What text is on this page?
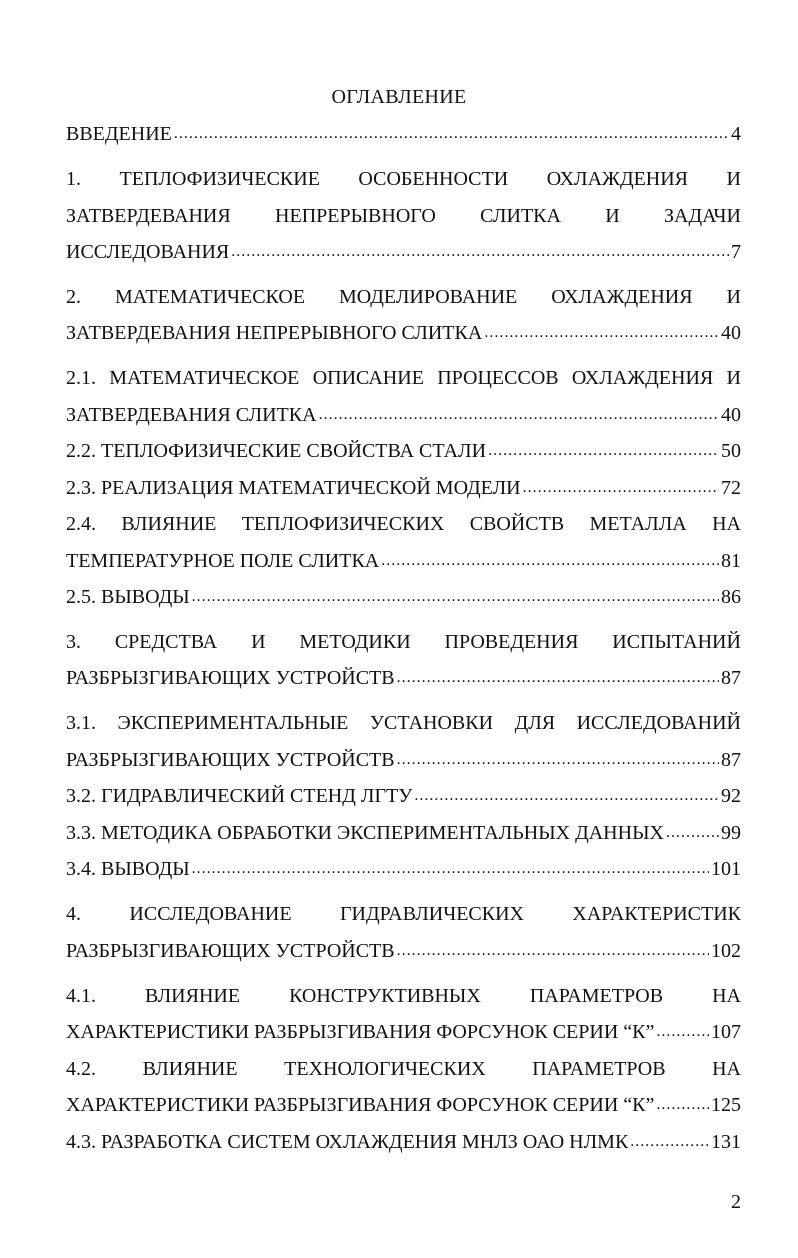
ОГЛАВЛЕНИЕ
ВВЕДЕНИЕ .....	4
1. ТЕПЛОФИЗИЧЕСКИЕ ОСОБЕННОСТИ ОХЛАЖДЕНИЯ И
ЗАТВЕРДЕВАНИЯ НЕПРЕРЫВНОГО СЛИТКА И ЗАДАЧИ
ИССЛЕДОВАНИЯ .....	7
2. МАТЕМАТИЧЕСКОЕ МОДЕЛИРОВАНИЕ ОХЛАЖДЕНИЯ И
ЗАТВЕРДЕВАНИЯ НЕПРЕРЫВНОГО СЛИТКА .....	40
2.1. МАТЕМАТИЧЕСКОЕ ОПИСАНИЕ ПРОЦЕССОВ ОХЛАЖДЕНИЯ И
ЗАТВЕРДЕВАНИЯ СЛИТКА .....	40
2.2. ТЕПЛОФИЗИЧЕСКИЕ СВОЙСТВА СТАЛИ .....	50
2.3. РЕАЛИЗАЦИЯ МАТЕМАТИЧЕСКОЙ МОДЕЛИ .....	72
2.4. ВЛИЯНИЕ ТЕПЛОФИЗИЧЕСКИХ СВОЙСТВ МЕТАЛЛА НА
ТЕМПЕРАТУРНОЕ ПОЛЕ СЛИТКА .....	81
2.5. ВЫВОДЫ .....	86
3. СРЕДСТВА И МЕТОДИКИ ПРОВЕДЕНИЯ ИСПЫТАНИЙ
РАЗБРЫЗГИВАЮЩИХ УСТРОЙСТВ .....	87
3.1. ЭКСПЕРИМЕНТАЛЬНЫЕ УСТАНОВКИ ДЛЯ ИССЛЕДОВАНИЙ
РАЗБРЫЗГИВАЮЩИХ УСТРОЙСТВ .....	87
3.2. ГИДРАВЛИЧЕСКИЙ СТЕНД ЛГТУ .....	92
3.3. МЕТОДИКА ОБРАБОТКИ ЭКСПЕРИМЕНТАЛЬНЫХ ДАННЫХ .....	99
3.4. ВЫВОДЫ .....	101
4. ИССЛЕДОВАНИЕ ГИДРАВЛИЧЕСКИХ ХАРАКТЕРИСТИК
РАЗБРЫЗГИВАЮЩИХ УСТРОЙСТВ .....	102
4.1. ВЛИЯНИЕ КОНСТРУКТИВНЫХ ПАРАМЕТРОВ НА
ХАРАКТЕРИСТИКИ РАЗБРЫЗГИВАНИЯ ФОРСУНОК СЕРИИ “К” .....	107
4.2. ВЛИЯНИЕ ТЕХНОЛОГИЧЕСКИХ ПАРАМЕТРОВ НА
ХАРАКТЕРИСТИКИ РАЗБРЫЗГИВАНИЯ ФОРСУНОК СЕРИИ “К” .....	125
4.3. РАЗРАБОТКА СИСТЕМ ОХЛАЖДЕНИЯ МНЛЗ ОАО НЛМК .....	131
2
